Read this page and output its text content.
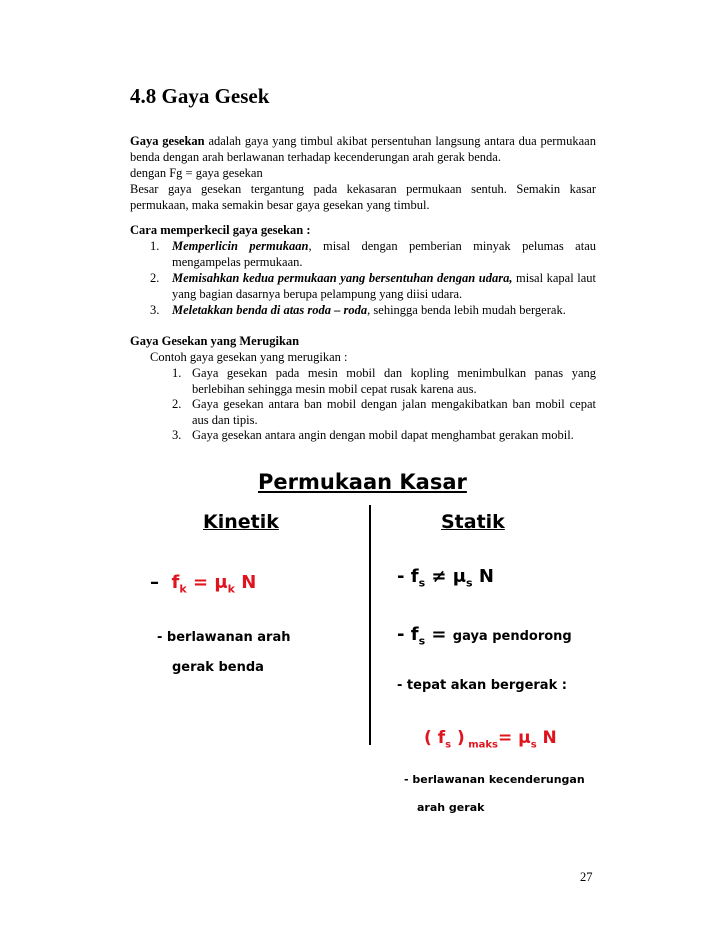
4.8 Gaya Gesek
Gaya gesekan adalah gaya yang timbul akibat persentuhan langsung antara dua permukaan benda dengan arah berlawanan terhadap kecenderungan arah gerak benda.
dengan Fg = gaya gesekan
Besar gaya gesekan tergantung pada kekasaran permukaan sentuh. Semakin kasar permukaan, maka semakin besar gaya gesekan yang timbul.
Cara memperkecil gaya gesekan :
1. Memperlicin permukaan, misal dengan pemberian minyak pelumas atau mengampelas permukaan.
2. Memisahkan kedua permukaan yang bersentuhan dengan udara, misal kapal laut yang bagian dasarnya berupa pelampung yang diisi udara.
3. Meletakkan benda di atas roda – roda, sehingga benda lebih mudah bergerak.
Gaya Gesekan yang Merugikan
Contoh gaya gesekan yang merugikan :
1. Gaya gesekan pada mesin mobil dan kopling menimbulkan panas yang berlebihan sehingga mesin mobil cepat rusak karena aus.
2. Gaya gesekan antara ban mobil dengan jalan mengakibatkan ban mobil cepat aus dan tipis.
3. Gaya gesekan antara angin dengan mobil dapat menghambat gerakan mobil.
Permukaan Kasar
Kinetik	Statik
– $f_k = \mu_k$ N
- berlawanan arah
gerak benda
- $f_s \ne \mu_s$ N
- $f_s$ = gaya pendorong
- tepat akan bergerak :
( $f_s$ ) $_{maks}= \mu_s$ N
- berlawanan kecenderungan
arah gerak
27
